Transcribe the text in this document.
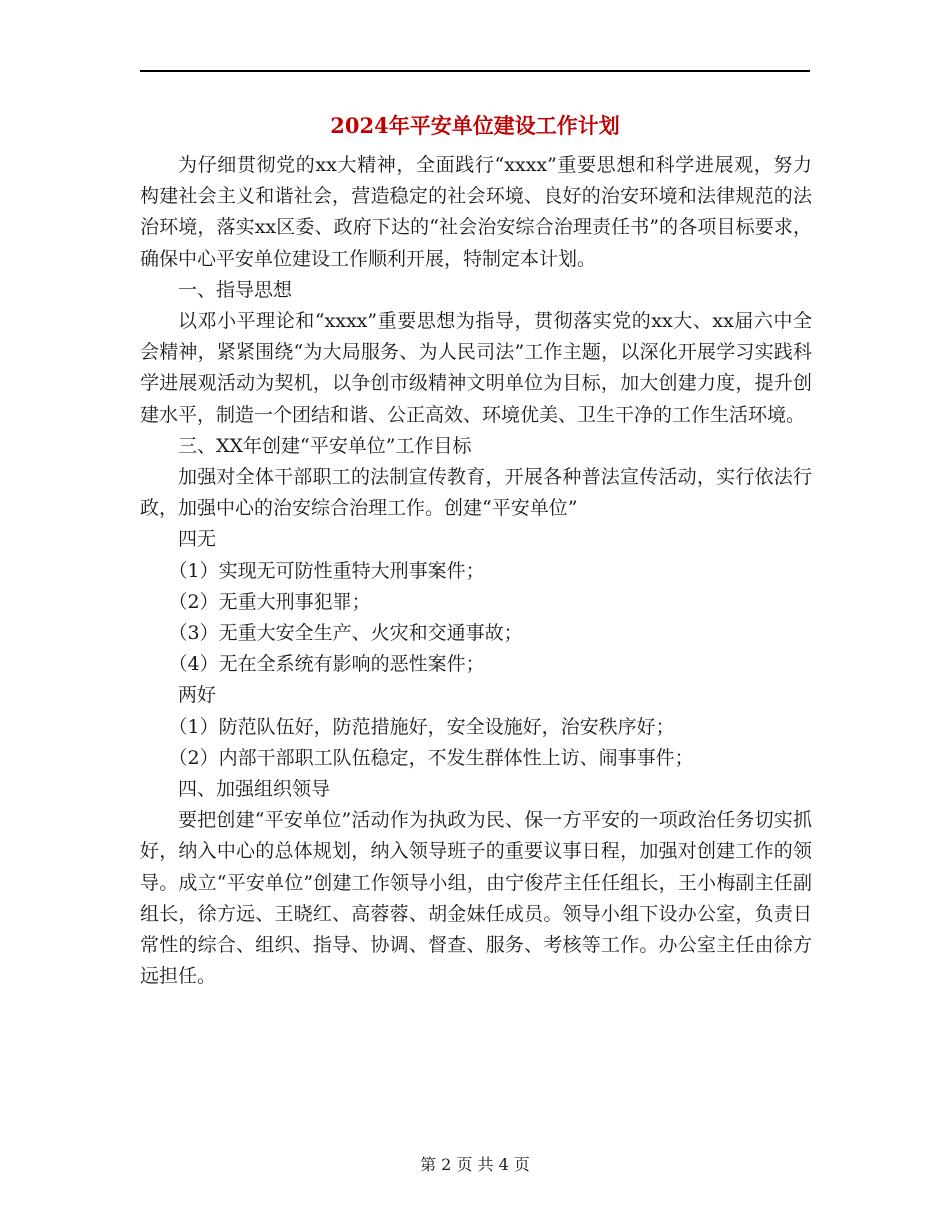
2024年平安单位建设工作计划

为仔细贯彻党的xx大精神，全面践行“xxxx”重要思想和科学进展观，努力构建社会主义和谐社会，营造稳定的社会环境、良好的治安环境和法律规范的法治环境，落实xx区委、政府下达的“社会治安综合治理责任书”的各项目标要求，确保中心平安单位建设工作顺利开展，特制定本计划。

一、指导思想

以邓小平理论和“xxxx”重要思想为指导，贯彻落实党的xx大、xx届六中全会精神，紧紧围绕“为大局服务、为人民司法”工作主题，以深化开展学习实践科学进展观活动为契机，以争创市级精神文明单位为目标，加大创建力度，提升创建水平，制造一个团结和谐、公正高效、环境优美、卫生干净的工作生活环境。

三、XX年创建“平安单位”工作目标

加强对全体干部职工的法制宣传教育，开展各种普法宣传活动，实行依法行政，加强中心的治安综合治理工作。创建“平安单位”

四无

（1）实现无可防性重特大刑事案件；

（2）无重大刑事犯罪；

（3）无重大安全生产、火灾和交通事故；

（4）无在全系统有影响的恶性案件；

两好

（1）防范队伍好，防范措施好，安全设施好，治安秩序好；

（2）内部干部职工队伍稳定，不发生群体性上访、闹事事件；

四、加强组织领导

要把创建“平安单位”活动作为执政为民、保一方平安的一项政治任务切实抓好，纳入中心的总体规划，纳入领导班子的重要议事日程，加强对创建工作的领导。成立“平安单位”创建工作领导小组，由宁俊芹主任任组长，王小梅副主任副组长，徐方远、王晓红、高蓉蓉、胡金妹任成员。领导小组下设办公室，负责日常性的综合、组织、指导、协调、督查、服务、考核等工作。办公室主任由徐方远担任。

第 2 页 共 4 页
